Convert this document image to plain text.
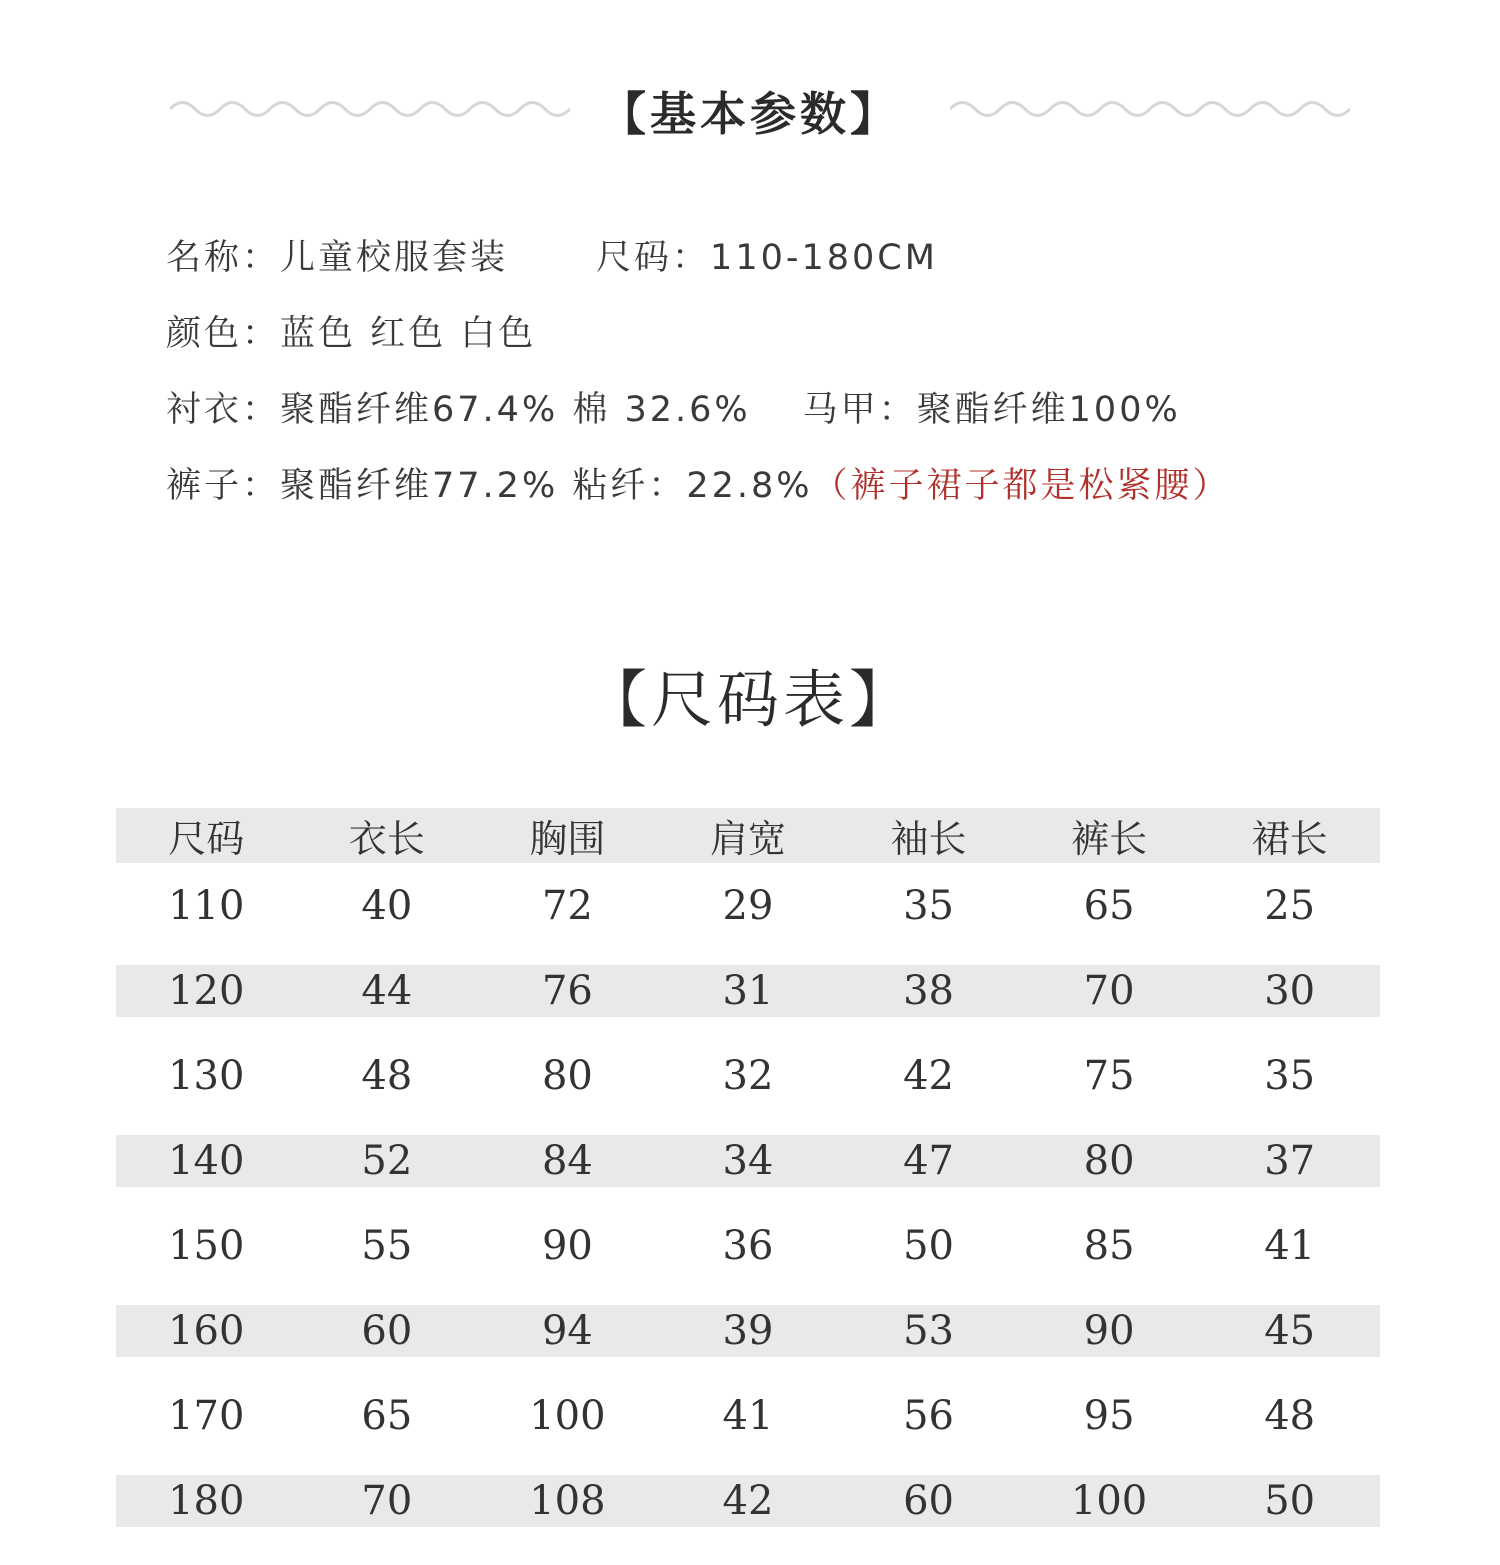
【基本参数】
名称：儿童校服套装	尺码：110-180CM
颜色：蓝色 红色 白色
衬衣：聚酯纤维67.4% 棉 32.6% 马甲：聚酯纤维100%
裤子：聚酯纤维77.2% 粘纤：22.8%（裤子裙子都是松紧腰）
【尺码表】
尺码	衣长	胸围	肩宽	袖长	裤长	裙长
110	40	72	29	35	65	25
120	44	76	31	38	70	30
130	48	80	32	42	75	35
140	52	84	34	47	80	37
150	55	90	36	50	85	41
160	60	94	39	53	90	45
170	65	100	41	56	95	48
180	70	108	42	60	100	50
